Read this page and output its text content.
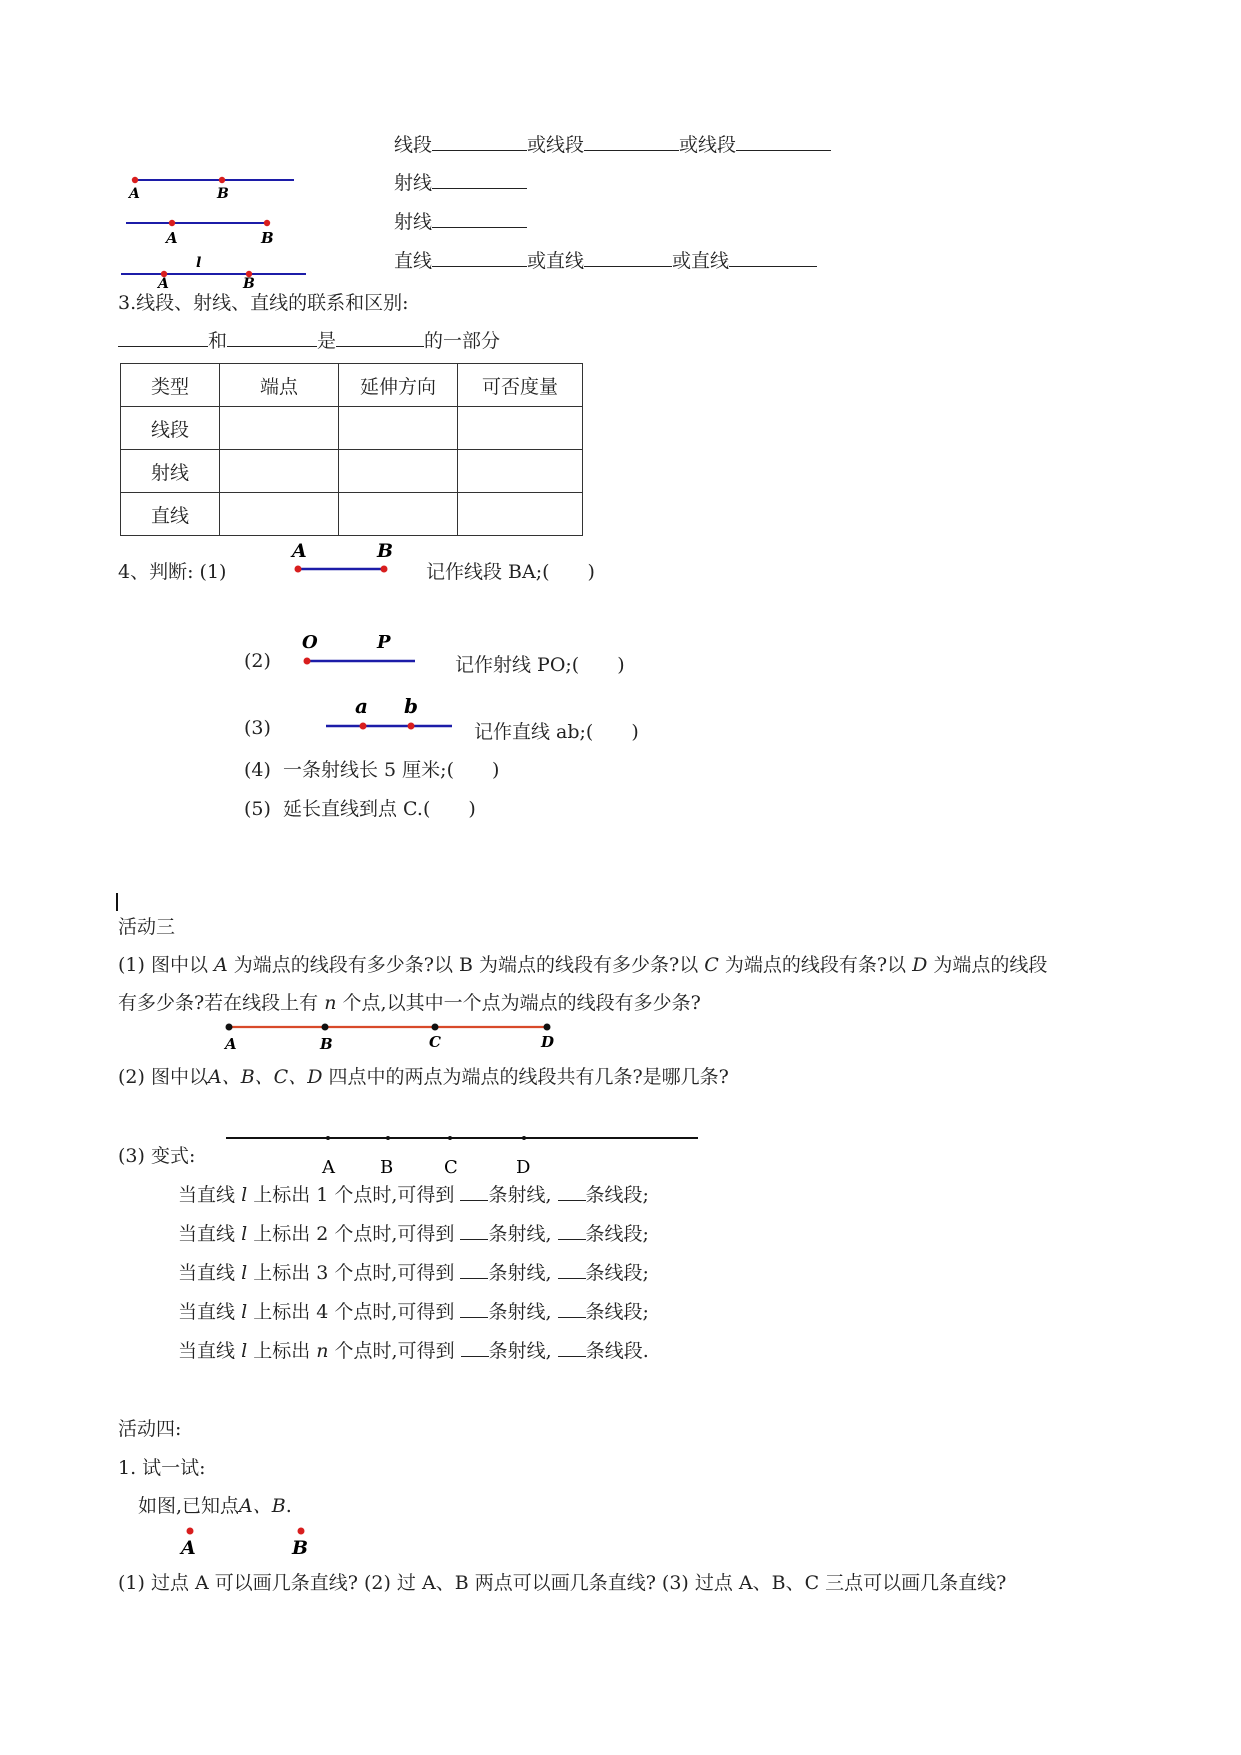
线段	或线段	或线段
射线
射线
直线	或直线	或直线
A	B
A	B
l
A	B
3.线段、射线、直线的联系和区别:
和	是	的一部分
类型	端点	延伸方向	可否度量
线段			
射线			
直线			
4、判断: (1)
A	B
记作线段 BA;(　　)
(2)
O	P
记作射线 PO;(　　)
(3)
a b
记作直线 ab;(　　)
(4) 一条射线长 5 厘米;(　　)
(5) 延长直线到点 C.(　　)
活动三
(1) 图中以 A 为端点的线段有多少条?以 B 为端点的线段有多少条?以 C 为端点的线段有条?以 D 为端点的线段
有多少条?若在线段上有 n 个点,以其中一个点为端点的线段有多少条?
A	B	C	D
(2) 图中以A、B、C、D 四点中的两点为端点的线段共有几条?是哪几条?
(3) 变式:
A	B	C	D
当直线 l 上标出 1 个点时,可得到 条射线, 条线段;
当直线 l 上标出 2 个点时,可得到 条射线, 条线段;
当直线 l 上标出 3 个点时,可得到 条射线, 条线段;
当直线 l 上标出 4 个点时,可得到 条射线, 条线段;
当直线 l 上标出 n 个点时,可得到 条射线, 条线段.
活动四:
1. 试一试:
如图,已知点A、B.
A	B
(1) 过点 A 可以画几条直线? (2) 过 A、B 两点可以画几条直线? (3) 过点 A、B、C 三点可以画几条直线?
